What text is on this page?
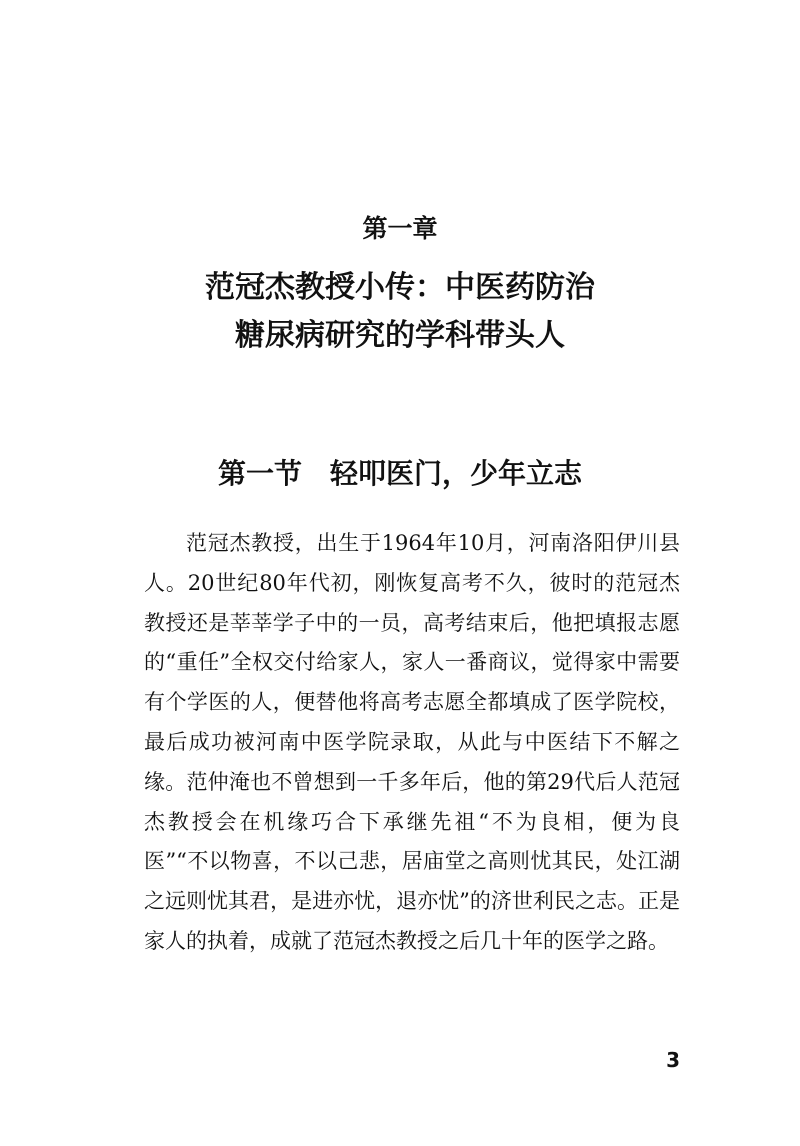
第一章
范冠杰教授小传：中医药防治
糖尿病研究的学科带头人
第一节 轻叩医门，少年立志

范冠杰教授，出生于1964年10月，河南洛阳伊川县人。20世纪80年代初，刚恢复高考不久，彼时的范冠杰教授还是莘莘学子中的一员，高考结束后，他把填报志愿的“重任”全权交付给家人，家人一番商议，觉得家中需要有个学医的人，便替他将高考志愿全都填成了医学院校，最后成功被河南中医学院录取，从此与中医结下不解之缘。范仲淹也不曾想到一千多年后，他的第29代后人范冠杰教授会在机缘巧合下承继先祖“不为良相，便为良医”“不以物喜，不以己悲，居庙堂之高则忧其民，处江湖之远则忧其君，是进亦忧，退亦忧”的济世利民之志。正是家人的执着，成就了范冠杰教授之后几十年的医学之路。

3
